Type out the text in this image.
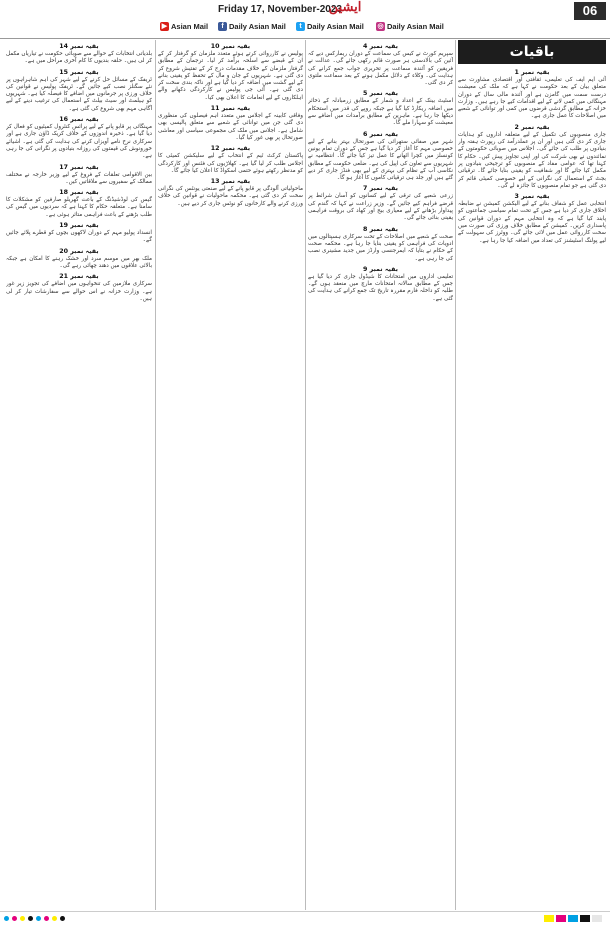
Friday 17, November-2023
ایشین	06
▶ Asian Mail	f Daily Asian Mail	t Daily Asian Mail ◎ Daily Asian Mail
باقیات
بقیہ نمبر 1
آئی ایم ایف کی تعلیمی، ثقافتی اور اقتصادی مشاورت سے متعلق بیان کے بعد حکومت نے کہا ہے کہ ملک کی معیشت درست سمت میں گامزن ہے اور آئندہ مالی سال کے دوران مہنگائی میں کمی لانے کے لیے اقدامات کیے جا رہے ہیں۔ وزارت خزانہ کے مطابق گردشی قرضوں میں کمی اور توانائی کے شعبے میں اصلاحات کا عمل جاری ہے۔
بقیہ نمبر 2
جاری منصوبوں کی تکمیل کے لیے متعلقہ اداروں کو ہدایات جاری کر دی گئی ہیں اور ان پر عملدرآمد کی رپورٹ ہفتہ وار بنیادوں پر طلب کی جائے گی۔ اجلاس میں صوبائی حکومتوں کے نمائندوں نے بھی شرکت کی اور اپنی تجاویز پیش کیں۔ حکام کا کہنا تھا کہ عوامی مفاد کے منصوبوں کو ترجیحی بنیادوں پر مکمل کیا جائے گا اور شفافیت کو یقینی بنایا جائے گا۔ ترقیاتی بجٹ کے استعمال کی نگرانی کے لیے خصوصی کمیٹی قائم کر دی گئی ہے جو تمام منصوبوں کا جائزہ لے گی۔
بقیہ نمبر 3
انتخابی عمل کو شفاف بنانے کے لیے الیکشن کمیشن نے ضابطہ اخلاق جاری کر دیا ہے جس کے تحت تمام سیاسی جماعتوں کو پابند کیا گیا ہے کہ وہ انتخابی مہم کے دوران قوانین کی پاسداری کریں۔ کمیشن کے مطابق خلاف ورزی کی صورت میں سخت کارروائی عمل میں لائی جائے گی۔ ووٹرز کی سہولت کے لیے پولنگ اسٹیشنز کی تعداد میں اضافہ کیا جا رہا ہے۔
بقیہ نمبر 4
سپریم کورٹ نے کیس کی سماعت کے دوران ریمارکس دیے کہ آئین کی بالادستی ہر صورت قائم رکھی جائے گی۔ عدالت نے فریقین کو آئندہ سماعت پر تحریری جواب جمع کرانے کی ہدایت کی۔ وکلاء کے دلائل مکمل ہونے کے بعد سماعت ملتوی کر دی گئی۔
بقیہ نمبر 5
اسٹیٹ بینک کے اعداد و شمار کے مطابق زرمبادلہ کے ذخائر میں اضافہ ریکارڈ کیا گیا ہے جبکہ روپے کی قدر میں استحکام دیکھا جا رہا ہے۔ ماہرین کے مطابق برآمدات میں اضافے سے معیشت کو سہارا ملے گا۔
بقیہ نمبر 6
شہر میں صفائی ستھرائی کی صورتحال بہتر بنانے کے لیے خصوصی مہم کا آغاز کر دیا گیا ہے جس کے دوران تمام یونین کونسلز میں کچرا اٹھانے کا عمل تیز کیا جائے گا۔ انتظامیہ نے شہریوں سے تعاون کی اپیل کی ہے۔ ضلعی حکومت کے مطابق نکاسی آب کے نظام کی بہتری کے لیے بھی فنڈز جاری کر دیے گئے ہیں اور جلد ہی ترقیاتی کاموں کا آغاز ہو گا۔
بقیہ نمبر 7
زرعی شعبے کی ترقی کے لیے کسانوں کو آسان شرائط پر قرضے فراہم کیے جائیں گے۔ وزیر زراعت نے کہا کہ گندم کی پیداوار بڑھانے کے لیے معیاری بیج اور کھاد کی بروقت فراہمی یقینی بنائی جائے گی۔
بقیہ نمبر 8
صحت کے شعبے میں اصلاحات کے تحت سرکاری ہسپتالوں میں ادویات کی فراہمی کو یقینی بنایا جا رہا ہے۔ محکمہ صحت کے حکام نے بتایا کہ ایمرجنسی وارڈز میں جدید مشینری نصب کی جا رہی ہے۔
بقیہ نمبر 9
تعلیمی اداروں میں امتحانات کا شیڈول جاری کر دیا گیا ہے جس کے مطابق سالانہ امتحانات مارچ میں منعقد ہوں گے۔ طلبہ کو داخلہ فارم مقررہ تاریخ تک جمع کرانے کی ہدایت کی گئی ہے۔
بقیہ نمبر 10
پولیس نے کارروائی کرتے ہوئے متعدد ملزمان کو گرفتار کر کے ان کے قبضے سے اسلحہ برآمد کر لیا۔ ترجمان کے مطابق گرفتار ملزمان کے خلاف مقدمات درج کر کے تفتیش شروع کر دی گئی ہے۔ شہریوں کے جان و مال کے تحفظ کو یقینی بنانے کے لیے گشت میں اضافہ کر دیا گیا ہے اور ناکہ بندی سخت کر دی گئی ہے۔ آئی جی پولیس نے کارکردگی دکھانے والے اہلکاروں کے لیے انعامات کا اعلان بھی کیا۔
بقیہ نمبر 11
وفاقی کابینہ کے اجلاس میں متعدد اہم فیصلوں کی منظوری دی گئی جن میں توانائی کے شعبے سے متعلق پالیسی بھی شامل ہے۔ اجلاس میں ملک کی مجموعی سیاسی اور معاشی صورتحال پر بھی غور کیا گیا۔
بقیہ نمبر 12
پاکستان کرکٹ ٹیم کے انتخاب کے لیے سلیکشن کمیٹی کا اجلاس طلب کر لیا گیا ہے۔ کھلاڑیوں کی فٹنس اور کارکردگی کو مدنظر رکھتے ہوئے حتمی اسکواڈ کا اعلان کیا جائے گا۔
بقیہ نمبر 13
ماحولیاتی آلودگی پر قابو پانے کے لیے صنعتی یونٹس کی نگرانی سخت کر دی گئی ہے۔ محکمہ ماحولیات نے قوانین کی خلاف ورزی کرنے والے کارخانوں کو نوٹس جاری کر دیے ہیں۔
بقیہ نمبر 14
بلدیاتی انتخابات کے حوالے سے صوبائی حکومت نے تیاریاں مکمل کر لی ہیں۔ حلقہ بندیوں کا کام آخری مراحل میں ہے۔
بقیہ نمبر 15
ٹریفک کے مسائل حل کرنے کے لیے شہر کی اہم شاہراہوں پر نئے سگنلز نصب کیے جائیں گے۔ ٹریفک پولیس نے قوانین کی خلاف ورزی پر جرمانوں میں اضافے کا فیصلہ کیا ہے۔ شہریوں کو ہیلمٹ اور سیٹ بیلٹ کے استعمال کی ترغیب دینے کے لیے آگاہی مہم بھی شروع کی گئی ہے۔
بقیہ نمبر 16
مہنگائی پر قابو پانے کے لیے پرائس کنٹرول کمیٹیوں کو فعال کر دیا گیا ہے۔ ذخیرہ اندوزوں کے خلاف کریک ڈاؤن جاری ہے اور سرکاری نرخ نامے آویزاں کرنے کی ہدایت کی گئی ہے۔ اشیائے خورونوش کی قیمتوں کی روزانہ بنیادوں پر نگرانی کی جا رہی ہے۔
بقیہ نمبر 17
بین الاقوامی تعلقات کے فروغ کے لیے وزیر خارجہ نے مختلف ممالک کے سفیروں سے ملاقاتیں کیں۔
بقیہ نمبر 18
گیس کی لوڈشیڈنگ کے باعث گھریلو صارفین کو مشکلات کا سامنا ہے۔ متعلقہ حکام کا کہنا ہے کہ سردیوں میں گیس کی طلب بڑھنے کے باعث فراہمی متاثر ہوئی ہے۔
بقیہ نمبر 19
انسداد پولیو مہم کے دوران لاکھوں بچوں کو قطرے پلائے جائیں گے۔
بقیہ نمبر 20
ملک بھر میں موسم سرد اور خشک رہنے کا امکان ہے جبکہ بالائی علاقوں میں دھند چھائی رہے گی۔
بقیہ نمبر 21
سرکاری ملازمین کی تنخواہوں میں اضافے کی تجویز زیر غور ہے۔ وزارت خزانہ نے اس حوالے سے سفارشات تیار کر لی ہیں۔
